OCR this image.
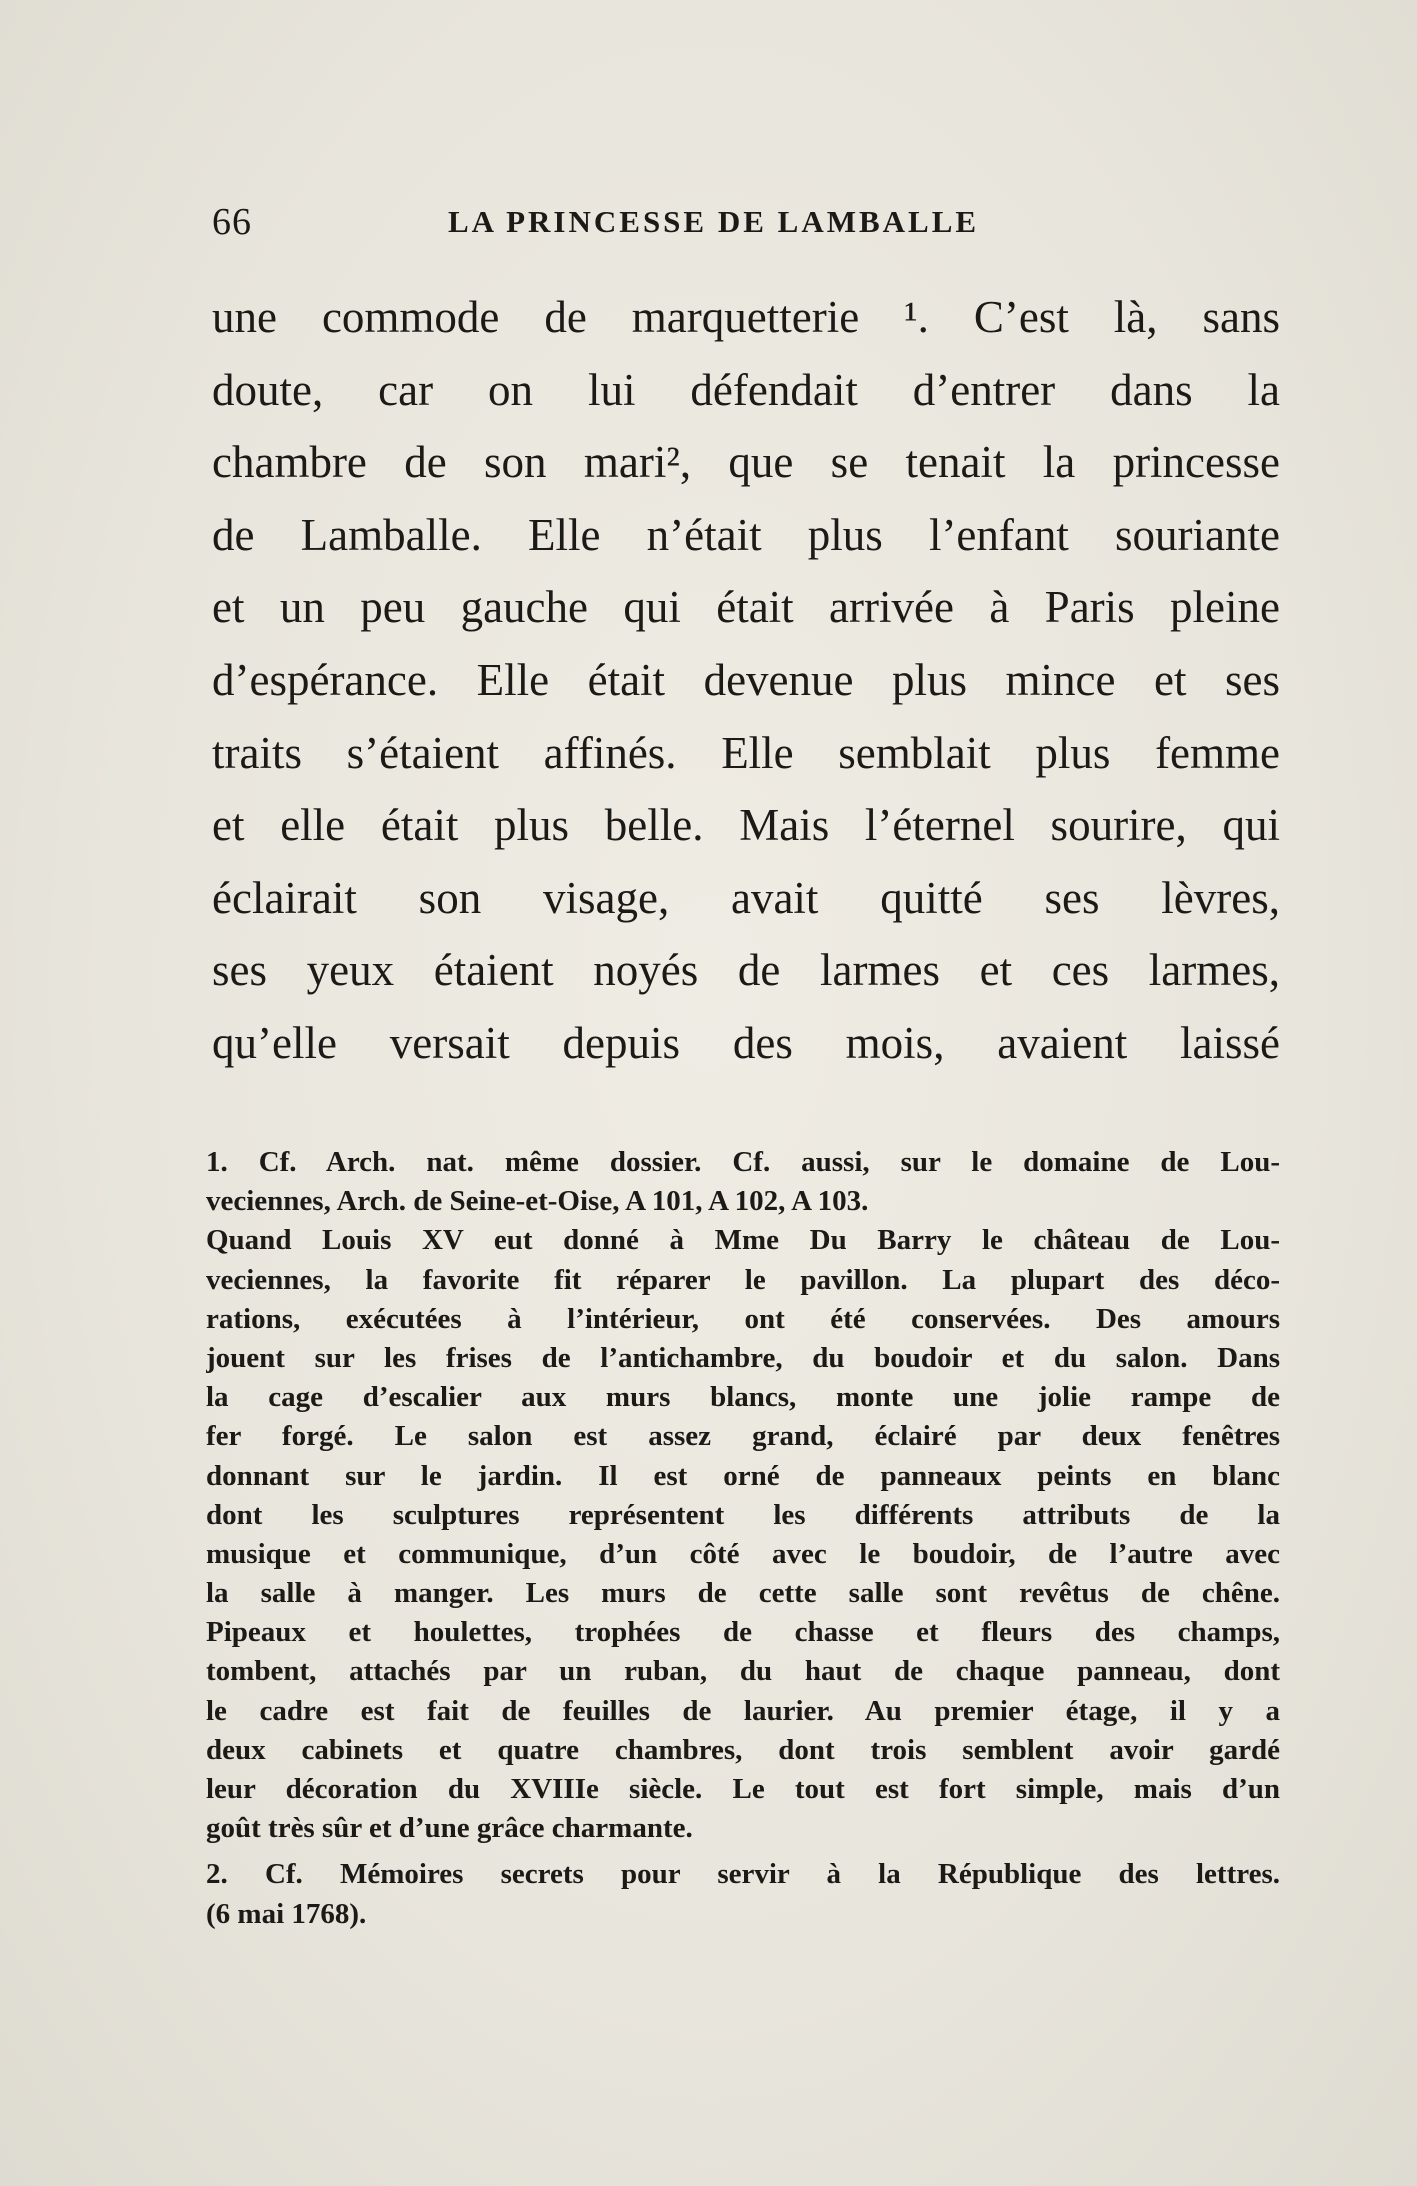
66	LA PRINCESSE DE LAMBALLE
une commode de marquetterie ¹. C’est là, sans
doute, car on lui défendait d’entrer dans la
chambre de son mari², que se tenait la princesse
de Lamballe. Elle n’était plus l’enfant souriante
et un peu gauche qui était arrivée à Paris pleine
d’espérance. Elle était devenue plus mince et ses
traits s’étaient affinés. Elle semblait plus femme
et elle était plus belle. Mais l’éternel sourire, qui
éclairait son visage, avait quitté ses lèvres,
ses yeux étaient noyés de larmes et ces larmes,
qu’elle versait depuis des mois, avaient laissé
1. Cf. Arch. nat. même dossier. Cf. aussi, sur le domaine de Lou-
veciennes, Arch. de Seine-et-Oise, A 101, A 102, A 103.
Quand Louis XV eut donné à Mme Du Barry le château de Lou-
veciennes, la favorite fit réparer le pavillon. La plupart des déco-
rations, exécutées à l’intérieur, ont été conservées. Des amours
jouent sur les frises de l’antichambre, du boudoir et du salon. Dans
la cage d’escalier aux murs blancs, monte une jolie rampe de
fer forgé. Le salon est assez grand, éclairé par deux fenêtres
donnant sur le jardin. Il est orné de panneaux peints en blanc
dont les sculptures représentent les différents attributs de la
musique et communique, d’un côté avec le boudoir, de l’autre avec
la salle à manger. Les murs de cette salle sont revêtus de chêne.
Pipeaux et houlettes, trophées de chasse et fleurs des champs,
tombent, attachés par un ruban, du haut de chaque panneau, dont
le cadre est fait de feuilles de laurier. Au premier étage, il y a
deux cabinets et quatre chambres, dont trois semblent avoir gardé
leur décoration du XVIIIe siècle. Le tout est fort simple, mais d’un
goût très sûr et d’une grâce charmante.
2. Cf. Mémoires secrets pour servir à la République des lettres.
(6 mai 1768).
